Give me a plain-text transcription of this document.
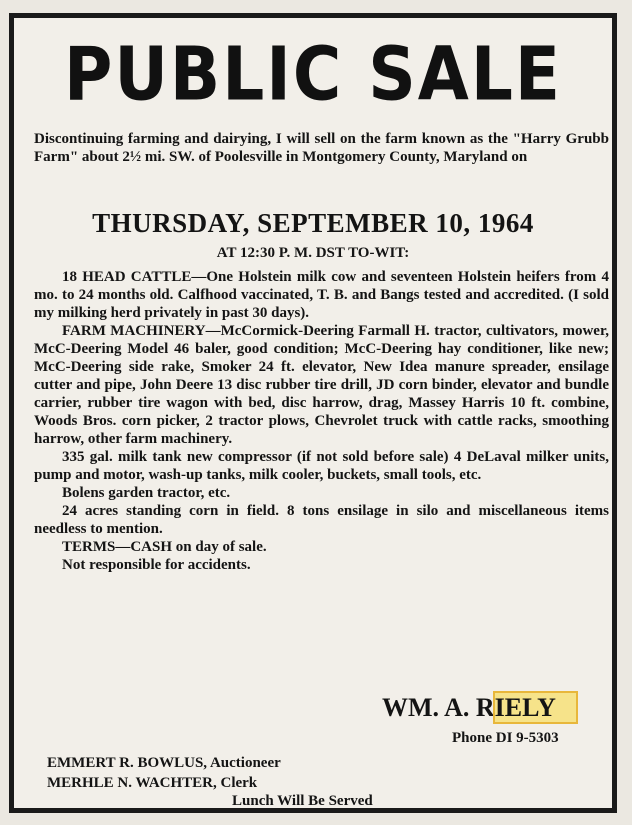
PUBLIC SALE

Discontinuing farming and dairying, I will sell on the farm known as the "Harry Grubb Farm" about 2½ mi. SW. of Poolesville in Montgomery County, Maryland on

THURSDAY, SEPTEMBER 10, 1964
AT 12:30 P. M. DST TO-WIT:

18 HEAD CATTLE—One Holstein milk cow and seventeen Holstein heifers from 4 mo. to 24 months old. Calfhood vaccinated, T. B. and Bangs tested and accredited. (I sold my milking herd privately in past 30 days).

FARM MACHINERY—McCormick-Deering Farmall H. tractor, cultivators, mower, McC-Deering Model 46 baler, good condition; McC-Deering hay conditioner, like new; McC-Deering side rake, Smoker 24 ft. elevator, New Idea manure spreader, ensilage cutter and pipe, John Deere 13 disc rubber tire drill, JD corn binder, elevator and bundle carrier, rubber tire wagon with bed, disc harrow, drag, Massey Harris 10 ft. combine, Woods Bros. corn picker, 2 tractor plows, Chevrolet truck with cattle racks, smoothing harrow, other farm machinery.

335 gal. milk tank new compressor (if not sold before sale) 4 DeLaval milker units, pump and motor, wash-up tanks, milk cooler, buckets, small tools, etc.

Bolens garden tractor, etc.

24 acres standing corn in field. 8 tons ensilage in silo and miscellaneous items needless to mention.

TERMS—CASH on day of sale.

Not responsible for accidents.

WM. A. RIELY
Phone DI 9-5303
EMMERT R. BOWLUS, Auctioneer
MERHLE N. WACHTER, Clerk
Lunch Will Be Served
